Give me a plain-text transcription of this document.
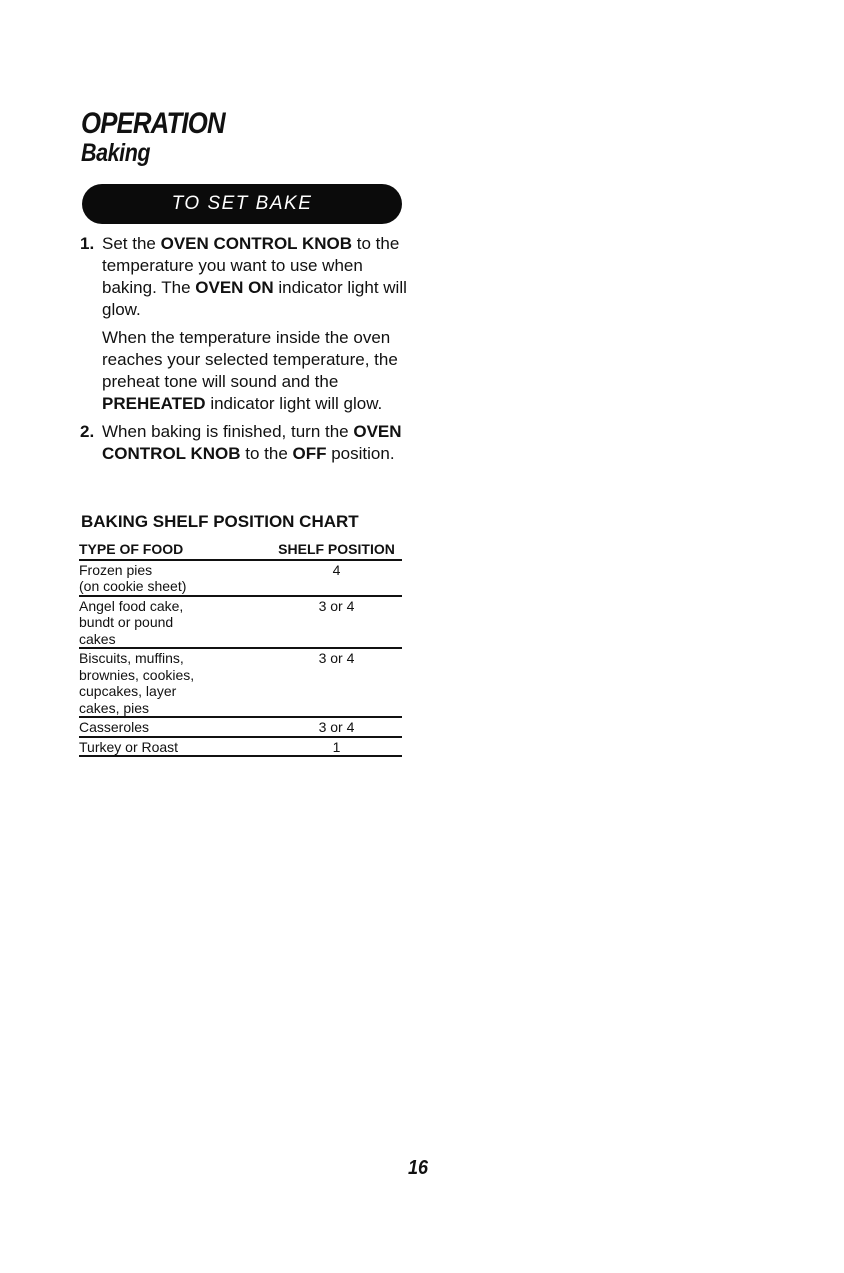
OPERATION
Baking
TO SET BAKE
1. Set the OVEN CONTROL KNOB to the temperature you want to use when baking. The OVEN ON indicator light will glow.

When the temperature inside the oven reaches your selected temperature, the preheat tone will sound and the PREHEATED indicator light will glow.

2. When baking is finished, turn the OVEN CONTROL KNOB to the OFF position.

BAKING SHELF POSITION CHART
TYPE OF FOOD	SHELF POSITION

Frozen pies
(on cookie sheet)	4

Angel food cake,
bundt or pound
cakes	3 or 4

Biscuits, muffins,
brownies, cookies,
cupcakes, layer
cakes, pies	3 or 4

Casseroles	3 or 4

Turkey or Roast	1
16
